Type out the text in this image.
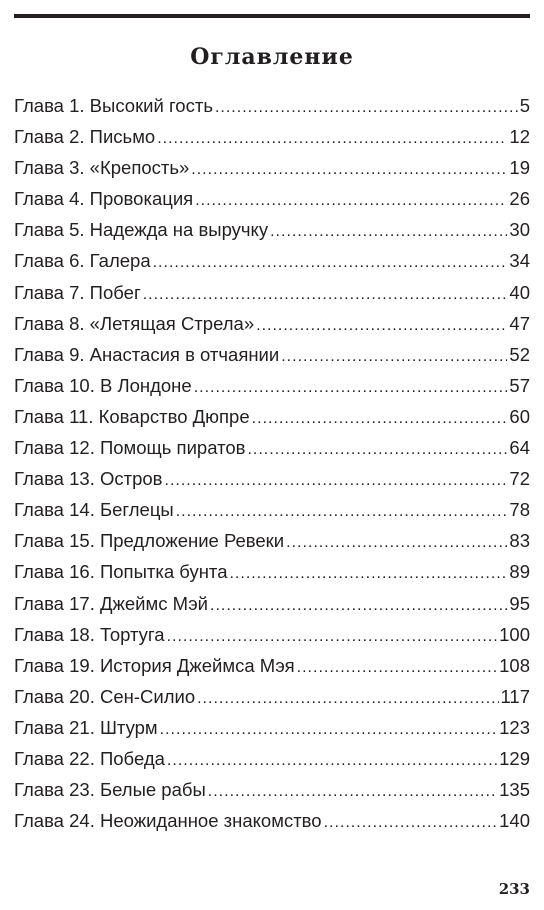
Оглавление
Глава 1. Высокий гость .....	5
Глава 2. Письмо .....	12
Глава 3. «Крепость» .....	19
Глава 4. Провокация .....	26
Глава 5. Надежда на выручку .....	30
Глава 6. Галера .....	34
Глава 7. Побег .....	40
Глава 8. «Летящая Стрела» .....	47
Глава 9. Анастасия в отчаянии .....	52
Глава 10. В Лондоне .....	57
Глава 11. Коварство Дюпре .....	60
Глава 12. Помощь пиратов .....	64
Глава 13. Остров .....	72
Глава 14. Беглецы .....	78
Глава 15. Предложение Ревеки .....	83
Глава 16. Попытка бунта .....	89
Глава 17. Джеймс Мэй .....	95
Глава 18. Тортуга .....	100
Глава 19. История Джеймса Мэя .....	108
Глава 20. Сен-Силио .....	117
Глава 21. Штурм .....	123
Глава 22. Победа .....	129
Глава 23. Белые рабы .....	135
Глава 24. Неожиданное знакомство .....	140
233
